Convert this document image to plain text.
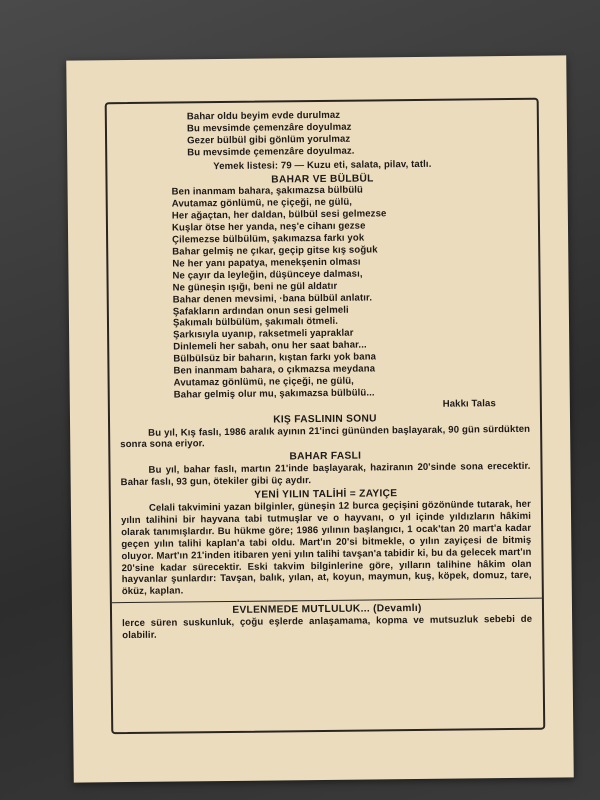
Bahar oldu beyim evde durulmaz
Bu mevsimde çemenzâre doyulmaz
Gezer bülbül gibi gönlüm yorulmaz
Bu mevsimde çemenzâre doyulmaz.
Yemek listesi: 79 — Kuzu eti, salata, pilav, tatlı.
BAHAR VE BÜLBÜL
Ben inanmam bahara, şakımazsa bülbülü
Avutamaz gönlümü, ne çiçeği, ne gülü,
Her ağaçtan, her daldan, bülbül sesi gelmezse
Kuşlar ötse her yanda, neş'e cihanı gezse
Çilemezse bülbülüm, şakımazsa farkı yok
Bahar gelmiş ne çıkar, geçip gitse kış soğuk
Ne her yanı papatya, menekşenin olması
Ne çayır da leyleğin, düşünceye dalması,
Ne güneşin ışığı, beni ne gül aldatır
Bahar denen mevsimi, ·bana bülbül anlatır.
Şafakların ardından onun sesi gelmeli
Şakımalı bülbülüm, şakımalı ötmeli.
Şarkısıyla uyanıp, raksetmeli yapraklar
Dinlemeli her sabah, onu her saat bahar...
Bülbülsüz bir baharın, kıştan farkı yok bana
Ben inanmam bahara, o çıkmazsa meydana
Avutamaz gönlümü, ne çiçeği, ne gülü,
Bahar gelmiş olur mu, şakımazsa bülbülü...
Hakkı Talas
KIŞ FASLININ SONU

Bu yıl, Kış faslı, 1986 aralık ayının 21'inci gününden başlayarak, 90 gün sürdükten sonra sona eriyor.

BAHAR FASLI

Bu yıl, bahar faslı, martın 21'inde başlayarak, haziranın 20'sinde sona erecektir. Bahar faslı, 93 gun, ötekiler gibi üç aydır.

YENİ YILIN TALİHİ = ZAYIÇE

Celali takvimini yazan bilginler, güneşin 12 burca geçişini gözönünde tutarak, her yılın talihini bir hayvana tabi tutmuşlar ve o hayvanı, o yıl içinde yıldızların hâkimi olarak tanımışlardır. Bu hükme göre; 1986 yılının başlangıcı, 1 ocak'tan 20 mart'a kadar geçen yılın talihi kaplan'a tabi oldu. Mart'ın 20'si bitmekle, o yılın zayiçesi de bitmiş oluyor. Mart'ın 21'inden itibaren yeni yılın talihi tavşan'a tabidir ki, bu da gelecek mart'ın 20'sine kadar sürecektir. Eski takvim bilginlerine göre, yılların talihine hâkim olan hayvanlar şunlardır: Tavşan, balık, yılan, at, koyun, maymun, kuş, köpek, domuz, tare, öküz, kaplan.

EVLENMEDE MUTLULUK... (Devamlı)

lerce süren suskunluk, çoğu eşlerde anlaşamama, kopma ve mutsuzluk sebebi de olabilir.
